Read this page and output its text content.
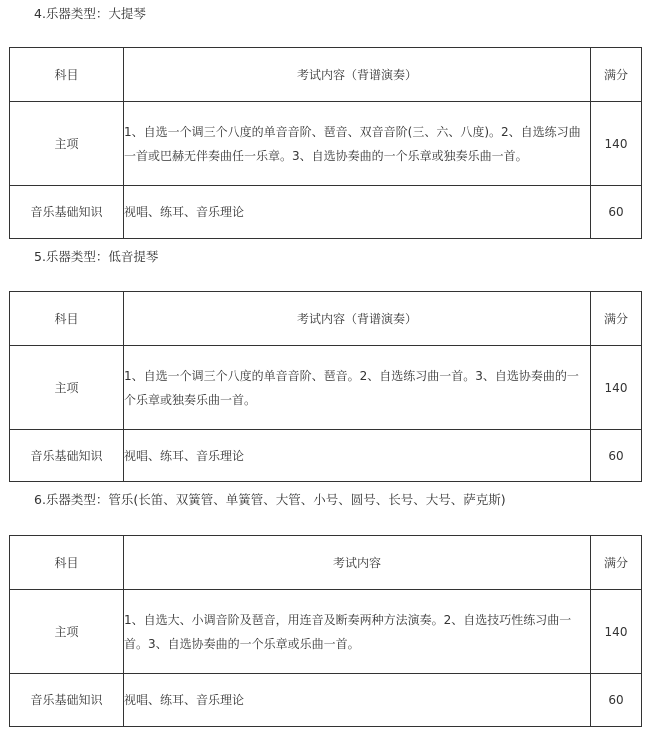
4.乐器类型：大提琴
科目	考试内容（背谱演奏）	满分
主项	1、自选一个调三个八度的单音音阶、琶音、双音音阶(三、六、八度)。2、自选练习曲一首或巴赫无伴奏曲任一乐章。3、自选协奏曲的一个乐章或独奏乐曲一首。	140
音乐基础知识	视唱、练耳、音乐理论	60
5.乐器类型：低音提琴
科目	考试内容（背谱演奏）	满分
主项	1、自选一个调三个八度的单音音阶、琶音。2、自选练习曲一首。3、自选协奏曲的一个乐章或独奏乐曲一首。	140
音乐基础知识	视唱、练耳、音乐理论	60
6.乐器类型：管乐(长笛、双簧管、单簧管、大管、小号、圆号、长号、大号、萨克斯)
科目	考试内容	满分
主项	1、自选大、小调音阶及琶音，用连音及断奏两种方法演奏。2、自选技巧性练习曲一首。3、自选协奏曲的一个乐章或乐曲一首。	140
音乐基础知识	视唱、练耳、音乐理论	60
